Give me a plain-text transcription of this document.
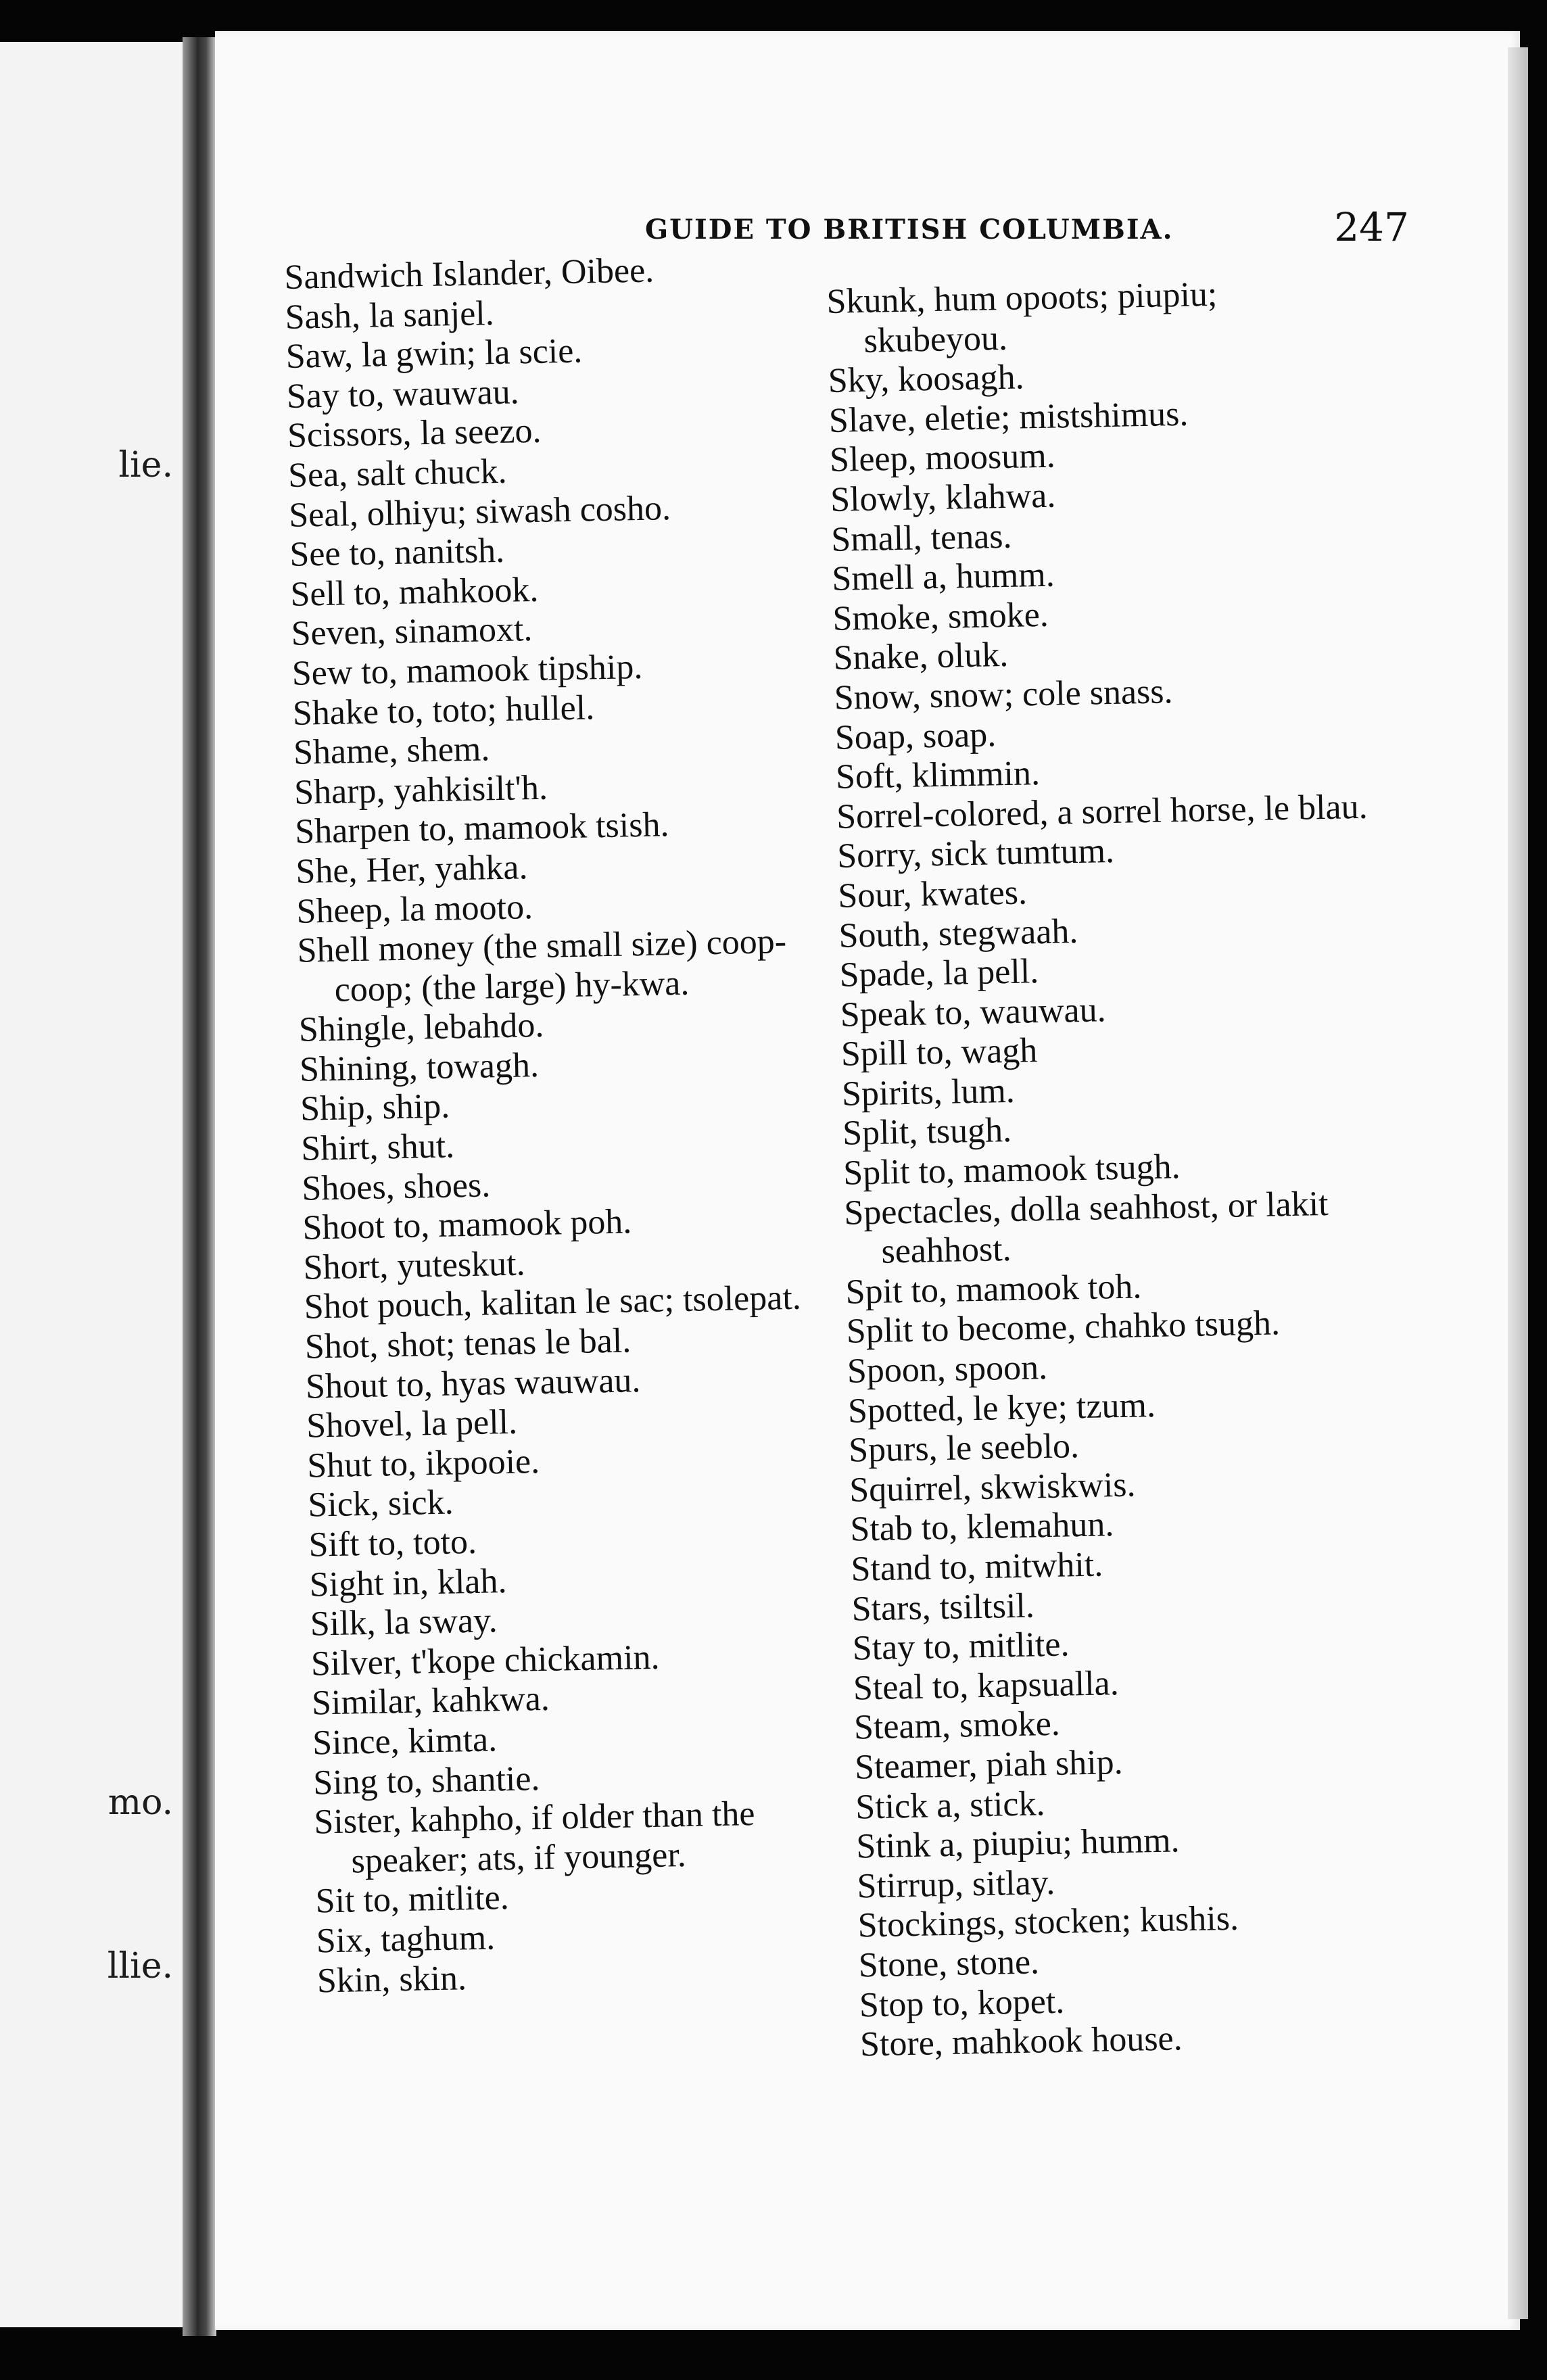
lie.
mo.
llie.
GUIDE TO BRITISH COLUMBIA.	247

Sandwich Islander, Oibee.

Sash, la sanjel.

Saw, la gwin; la scie.

Say to, wauwau.

Scissors, la seezo.

Sea, salt chuck.

Seal, olhiyu; siwash cosho.

See to, nanitsh.

Sell to, mahkook.

Seven, sinamoxt.

Sew to, mamook tipship.

Shake to, toto; hullel.

Shame, shem.

Sharp, yahkisilt'h.

Sharpen to, mamook tsish.

She, Her, yahka.

Sheep, la mooto.

Shell money (the small size) coop-coop; (the large) hy-kwa.

Shingle, lebahdo.

Shining, towagh.

Ship, ship.

Shirt, shut.

Shoes, shoes.

Shoot to, mamook poh.

Short, yuteskut.

Shot pouch, kalitan le sac; tsolepat.

Shot, shot; tenas le bal.

Shout to, hyas wauwau.

Shovel, la pell.

Shut to, ikpooie.

Sick, sick.

Sift to, toto.

Sight in, klah.

Silk, la sway.

Silver, t'kope chickamin.

Similar, kahkwa.

Since, kimta.

Sing to, shantie.

Sister, kahpho, if older than the speaker; ats, if younger.

Sit to, mitlite.

Six, taghum.

Skin, skin.

Skunk, hum opoots; piupiu; skubeyou.

Sky, koosagh.

Slave, eletie; mistshimus.

Sleep, moosum.

Slowly, klahwa.

Small, tenas.

Smell a, humm.

Smoke, smoke.

Snake, oluk.

Snow, snow; cole snass.

Soap, soap.

Soft, klimmin.

Sorrel-colored, a sorrel horse, le blau.

Sorry, sick tumtum.

Sour, kwates.

South, stegwaah.

Spade, la pell.

Speak to, wauwau.

Spill to, wagh

Spirits, lum.

Split, tsugh.

Split to, mamook tsugh.

Spectacles, dolla seahhost, or lakit seahhost.

Spit to, mamook toh.

Split to become, chahko tsugh.

Spoon, spoon.

Spotted, le kye; tzum.

Spurs, le seeblo.

Squirrel, skwiskwis.

Stab to, klemahun.

Stand to, mitwhit.

Stars, tsiltsil.

Stay to, mitlite.

Steal to, kapsualla.

Steam, smoke.

Steamer, piah ship.

Stick a, stick.

Stink a, piupiu; humm.

Stirrup, sitlay.

Stockings, stocken; kushis.

Stone, stone.

Stop to, kopet.

Store, mahkook house.
